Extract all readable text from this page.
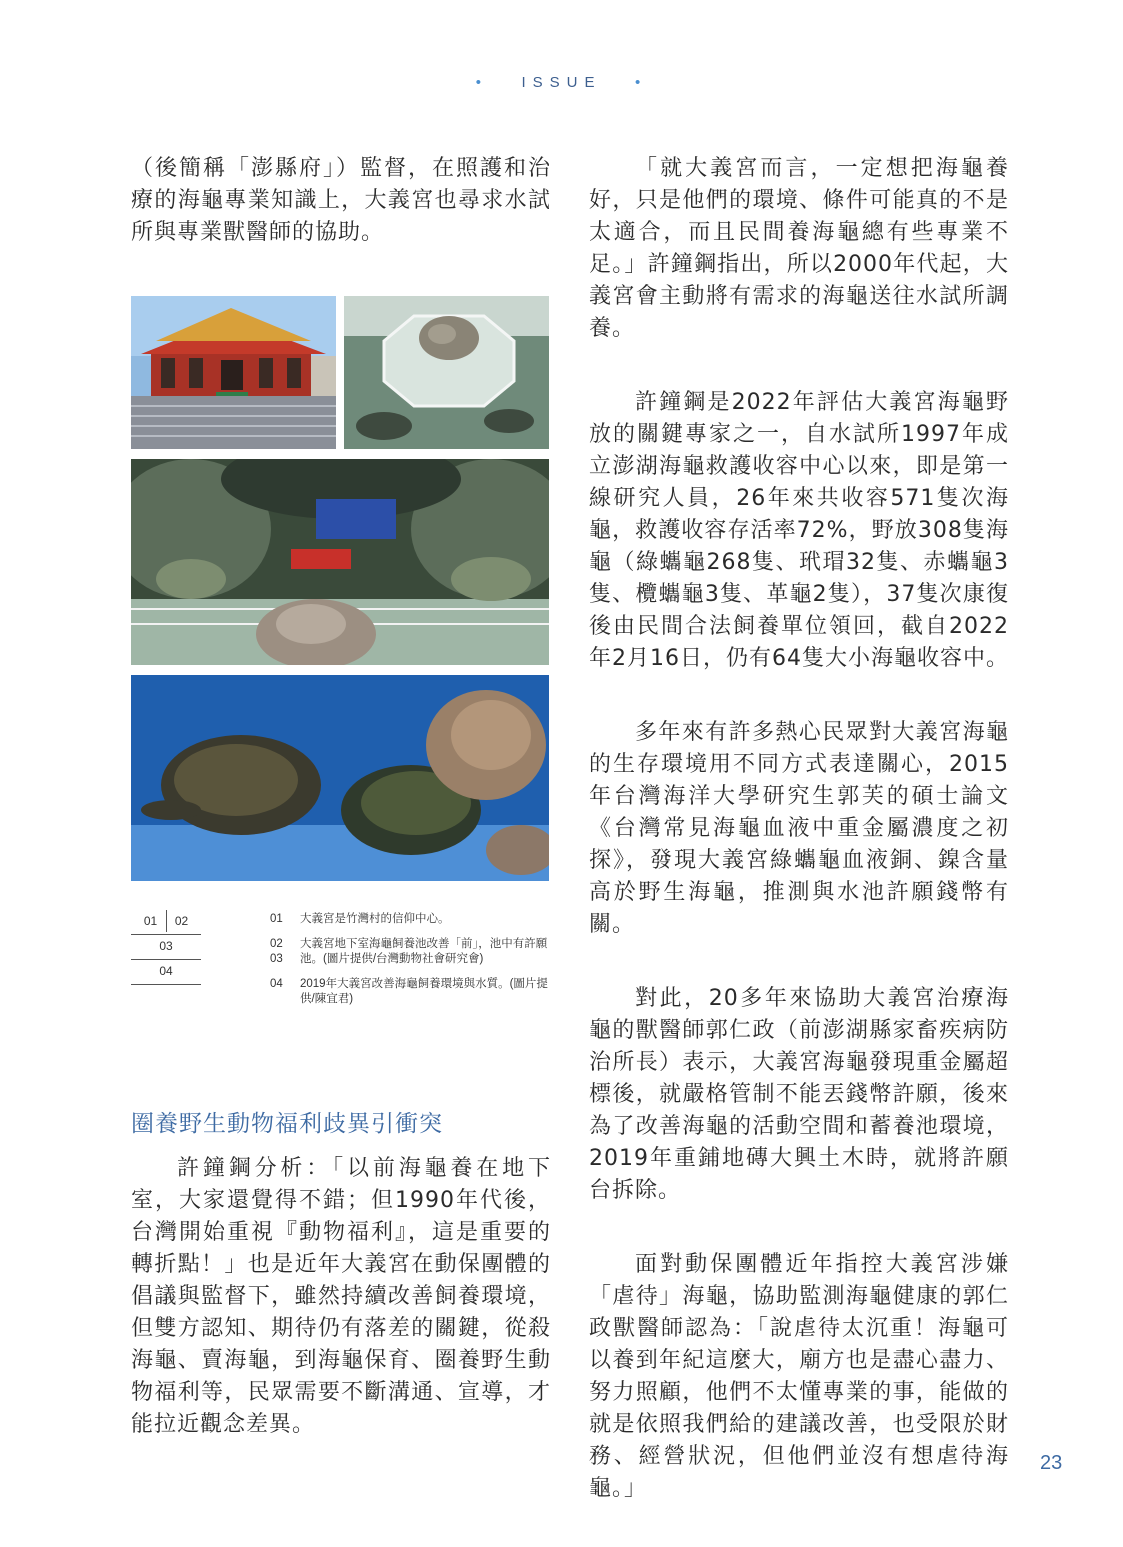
• ISSUE •

（後簡稱「澎縣府」）監督，在照護和治療的海龜專業知識上，大義宮也尋求水試所與專業獸醫師的協助。

01 02
03
04
01	大義宮是竹灣村的信仰中心。
02
03
大義宮地下室海龜飼養池改善「前」，池中有許願池。(圖片提供/台灣動物社會研究會)
04	2019年大義宮改善海龜飼養環境與水質。(圖片提供/陳宜君)
圈養野生動物福利歧異引衝突

許鐘鋼分析：「以前海龜養在地下室，大家還覺得不錯；但1990年代後，台灣開始重視『動物福利』，這是重要的轉折點！」也是近年大義宮在動保團體的倡議與監督下，雖然持續改善飼養環境，但雙方認知、期待仍有落差的關鍵，從殺海龜、賣海龜，到海龜保育、圈養野生動物福利等，民眾需要不斷溝通、宣導，才能拉近觀念差異。

「就大義宮而言，一定想把海龜養好，只是他們的環境、條件可能真的不是太適合，而且民間養海龜總有些專業不足。」許鐘鋼指出，所以2000年代起，大義宮會主動將有需求的海龜送往水試所調養。

許鐘鋼是2022年評估大義宮海龜野放的關鍵專家之一，自水試所1997年成立澎湖海龜救護收容中心以來，即是第一線研究人員，26年來共收容571隻次海龜，救護收容存活率72%，野放308隻海龜（綠蠵龜268隻、玳瑁32隻、赤蠵龜3隻、欖蠵龜3隻、革龜2隻），37隻次康復後由民間合法飼養單位領回，截自2022年2月16日，仍有64隻大小海龜收容中。

多年來有許多熱心民眾對大義宮海龜的生存環境用不同方式表達關心，2015年台灣海洋大學研究生郭芙的碩士論文《台灣常見海龜血液中重金屬濃度之初探》，發現大義宮綠蠵龜血液銅、鎳含量高於野生海龜，推測與水池許願錢幣有關。

對此，20多年來協助大義宮治療海龜的獸醫師郭仁政（前澎湖縣家畜疾病防治所長）表示，大義宮海龜發現重金屬超標後，就嚴格管制不能丟錢幣許願，後來為了改善海龜的活動空間和蓄養池環境，2019年重鋪地磚大興土木時，就將許願台拆除。

面對動保團體近年指控大義宮涉嫌「虐待」海龜，協助監測海龜健康的郭仁政獸醫師認為：「說虐待太沉重！海龜可以養到年紀這麼大，廟方也是盡心盡力、努力照顧，他們不太懂專業的事，能做的就是依照我們給的建議改善，也受限於財務、經營狀況，但他們並沒有想虐待海龜。」

23
